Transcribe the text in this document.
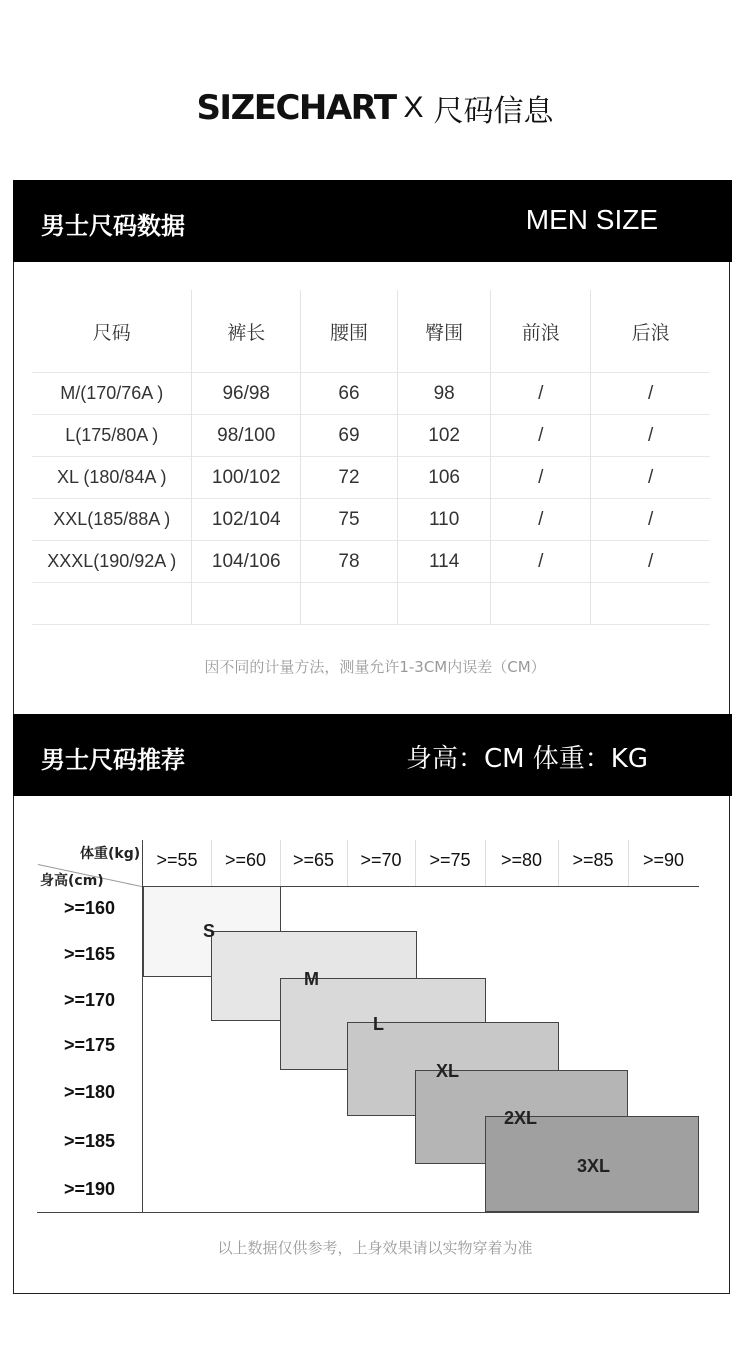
SIZECHART X 尺码信息
男士尺码数据	MEN SIZE
尺码	裤长	腰围	臀围	前浪	后浪
M/(170/76A )	96/98	66	98	/	/
L(175/80A )	98/100	69	102	/	/
XL (180/84A )	100/102	72	106	/	/
XXL(185/88A )	102/104	75	110	/	/
XXXL(190/92A )	104/106	78	114	/	/

因不同的计量方法，测量允许1-3CM内误差（CM）
男士尺码推荐	身高：CM 体重：KG
体重(kg)
身高(cm)
>=55	>=60	>=65	>=70	>=75	>=80	>=85	>=90
>=160
>=165
>=170
>=175
>=180
>=185
>=190
S
M
L
XL
2XL
3XL
以上数据仅供参考，上身效果请以实物穿着为准
